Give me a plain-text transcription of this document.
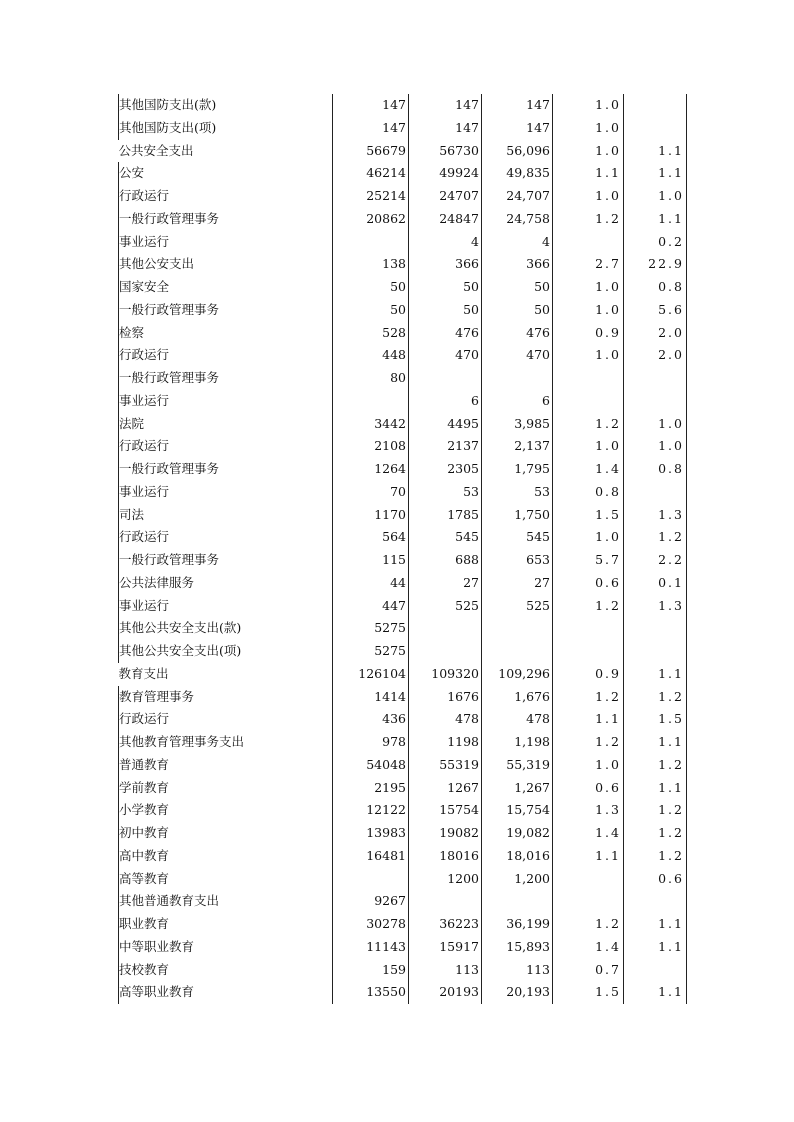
其他国防支出(款)	147	147	147	1.0	
其他国防支出(项)	147	147	147	1.0	
公共安全支出	56679	56730	56,096	1.0	1.1
公安	46214	49924	49,835	1.1	1.1
行政运行	25214	24707	24,707	1.0	1.0
一般行政管理事务	20862	24847	24,758	1.2	1.1
事业运行		4	4		0.2
其他公安支出	138	366	366	2.7	22.9
国家安全	50	50	50	1.0	0.8
一般行政管理事务	50	50	50	1.0	5.6
检察	528	476	476	0.9	2.0
行政运行	448	470	470	1.0	2.0
一般行政管理事务	80				
事业运行		6	6		
法院	3442	4495	3,985	1.2	1.0
行政运行	2108	2137	2,137	1.0	1.0
一般行政管理事务	1264	2305	1,795	1.4	0.8
事业运行	70	53	53	0.8	
司法	1170	1785	1,750	1.5	1.3
行政运行	564	545	545	1.0	1.2
一般行政管理事务	115	688	653	5.7	2.2
公共法律服务	44	27	27	0.6	0.1
事业运行	447	525	525	1.2	1.3
其他公共安全支出(款)	5275				
其他公共安全支出(项)	5275				
教育支出	126104	109320	109,296	0.9	1.1
教育管理事务	1414	1676	1,676	1.2	1.2
行政运行	436	478	478	1.1	1.5
其他教育管理事务支出	978	1198	1,198	1.2	1.1
普通教育	54048	55319	55,319	1.0	1.2
学前教育	2195	1267	1,267	0.6	1.1
小学教育	12122	15754	15,754	1.3	1.2
初中教育	13983	19082	19,082	1.4	1.2
高中教育	16481	18016	18,016	1.1	1.2
高等教育		1200	1,200		0.6
其他普通教育支出	9267				
职业教育	30278	36223	36,199	1.2	1.1
中等职业教育	11143	15917	15,893	1.4	1.1
技校教育	159	113	113	0.7	
高等职业教育	13550	20193	20,193	1.5	1.1
